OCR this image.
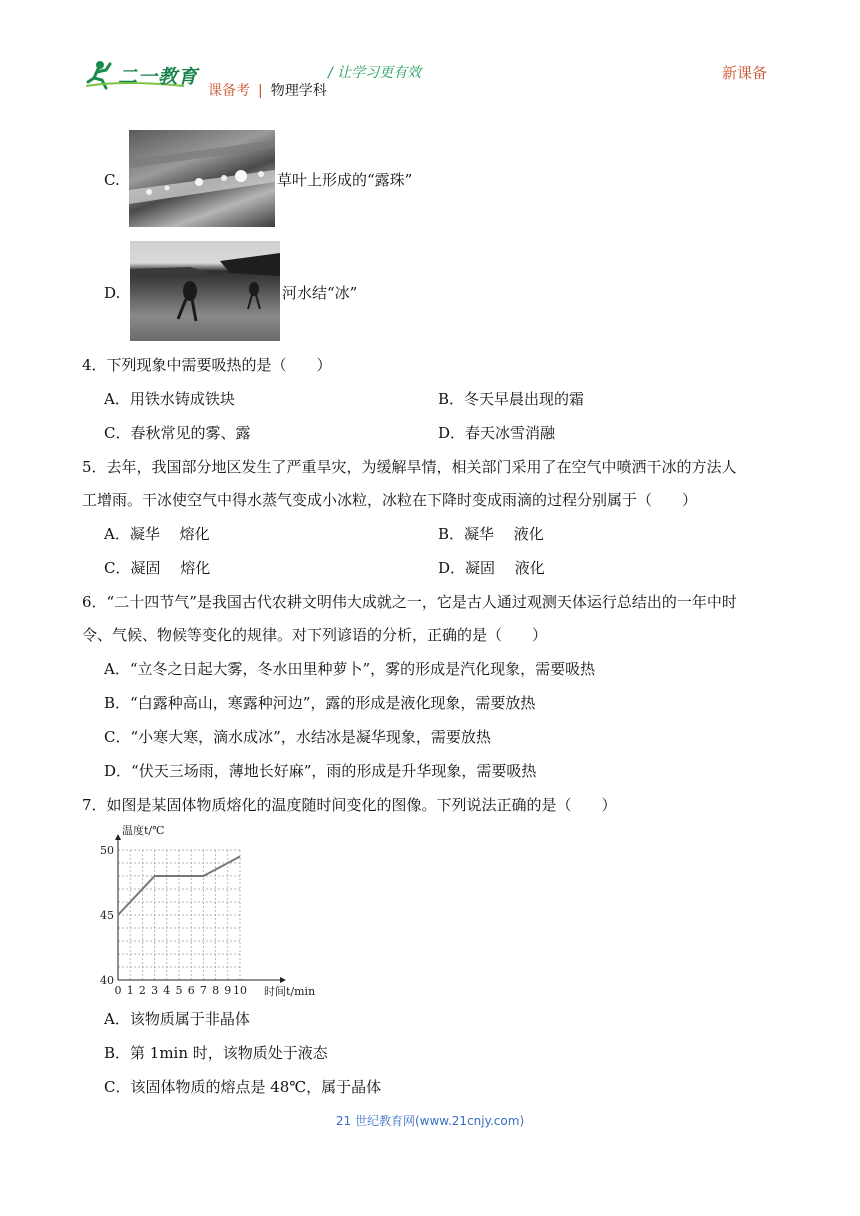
二一教育	/ 让学习更有效	新课备
课备考 | 物理学科
C.	草叶上形成的“露珠”
D.	河水结“冰”
4．下列现象中需要吸热的是（　　）
A．用铁水铸成铁块	B．冬天早晨出现的霜
C．春秋常见的雾、露	D．春天冰雪消融
5．去年，我国部分地区发生了严重旱灾，为缓解旱情，相关部门采用了在空气中喷洒干冰的方法人
工增雨。干冰使空气中得水蒸气变成小冰粒，冰粒在下降时变成雨滴的过程分别属于（　　）
A．凝华　 熔化	B．凝华　 液化
C．凝固　 熔化	D．凝固　 液化
6．“二十四节气”是我国古代农耕文明伟大成就之一，它是古人通过观测天体运行总结出的一年中时
令、气候、物候等变化的规律。对下列谚语的分析，正确的是（　　）
A．“立冬之日起大雾，冬水田里种萝卜”，雾的形成是汽化现象，需要吸热
B．“白露种高山，寒露种河边”，露的形成是液化现象，需要放热
C．“小寒大寒，滴水成冰”，水结冰是凝华现象，需要放热
D．“伏天三场雨，薄地长好麻”，雨的形成是升华现象，需要吸热
7．如图是某固体物质熔化的温度随时间变化的图像。下列说法正确的是（　　）
0 1 2 3 4 5 6 7 8 9 10
40
45
50
温度t/℃
时间t/min
A．该物质属于非晶体
B．第 1min 时，该物质处于液态
C．该固体物质的熔点是 48℃，属于晶体
21 世纪教育网(www.21cnjy.com)
